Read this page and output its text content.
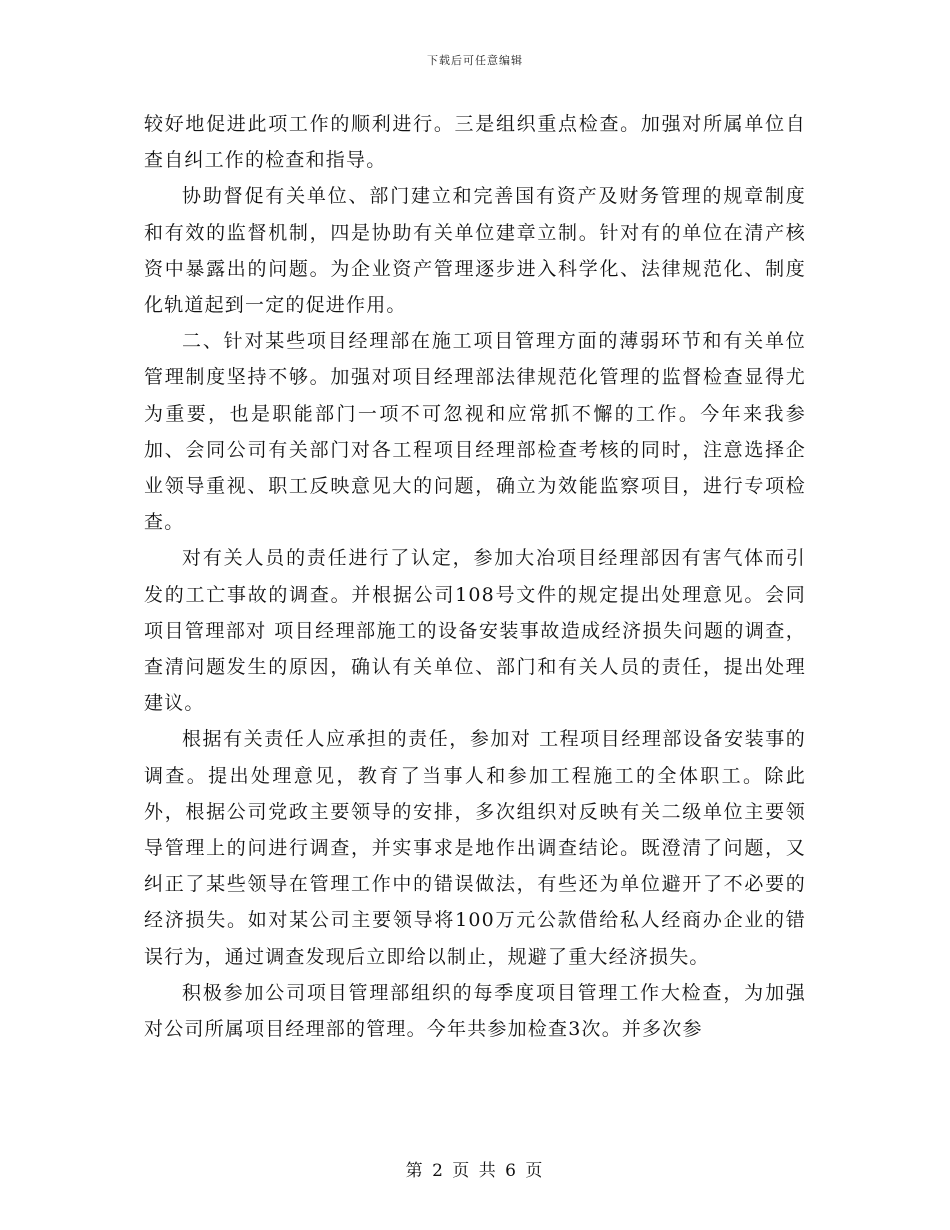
下载后可任意编辑

较好地促进此项工作的顺利进行。三是组织重点检查。加强对所属单位自查自纠工作的检查和指导。

协助督促有关单位、部门建立和完善国有资产及财务管理的规章制度和有效的监督机制，四是协助有关单位建章立制。针对有的单位在清产核资中暴露出的问题。为企业资产管理逐步进入科学化、法律规范化、制度化轨道起到一定的促进作用。

二、针对某些项目经理部在施工项目管理方面的薄弱环节和有关单位管理制度坚持不够。加强对项目经理部法律规范化管理的监督检查显得尤为重要，也是职能部门一项不可忽视和应常抓不懈的工作。今年来我参加、会同公司有关部门对各工程项目经理部检查考核的同时，注意选择企业领导重视、职工反映意见大的问题，确立为效能监察项目，进行专项检查。

对有关人员的责任进行了认定，参加大冶项目经理部因有害气体而引发的工亡事故的调查。并根据公司108号文件的规定提出处理意见。会同项目管理部对 项目经理部施工的设备安装事故造成经济损失问题的调查，查清问题发生的原因，确认有关单位、部门和有关人员的责任，提出处理建议。

根据有关责任人应承担的责任，参加对 工程项目经理部设备安装事的调查。提出处理意见，教育了当事人和参加工程施工的全体职工。除此外，根据公司党政主要领导的安排，多次组织对反映有关二级单位主要领导管理上的问进行调查，并实事求是地作出调查结论。既澄清了问题，又纠正了某些领导在管理工作中的错误做法，有些还为单位避开了不必要的经济损失。如对某公司主要领导将100万元公款借给私人经商办企业的错误行为，通过调查发现后立即给以制止，规避了重大经济损失。

积极参加公司项目管理部组织的每季度项目管理工作大检查，为加强对公司所属项目经理部的管理。今年共参加检查3次。并多次参

第 2 页 共 6 页
